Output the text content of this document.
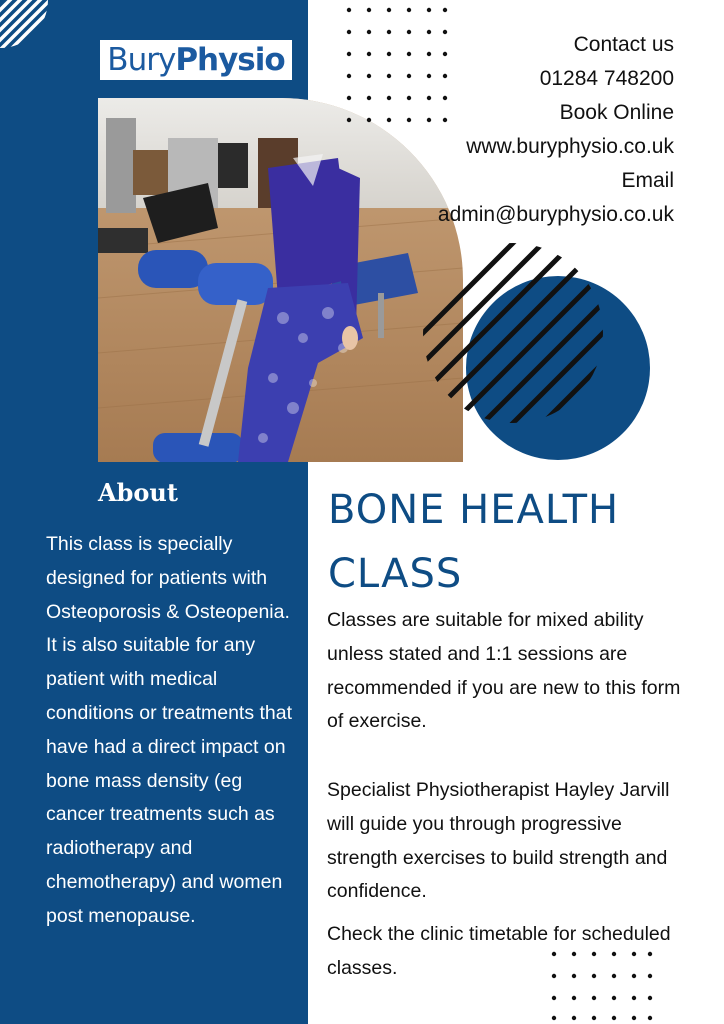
Bury Physio	Contact us
01284 748200
Book Online
www.buryphysio.co.uk
Email
admin@buryphysio.co.uk
About
This class is specially designed for patients with Osteoporosis & Osteopenia. It is also suitable for any patient with medical conditions or treatments that have had a direct impact on bone mass density (eg cancer treatments such as radiotherapy and chemotherapy) and women post menopause.
BONE HEALTH CLASS
Classes are suitable for mixed ability unless stated and 1:1 sessions are recommended if you are new to this form of exercise.
Specialist Physiotherapist Hayley Jarvill will guide you through progressive strength exercises to build strength and confidence.
Check the clinic timetable for scheduled classes.
